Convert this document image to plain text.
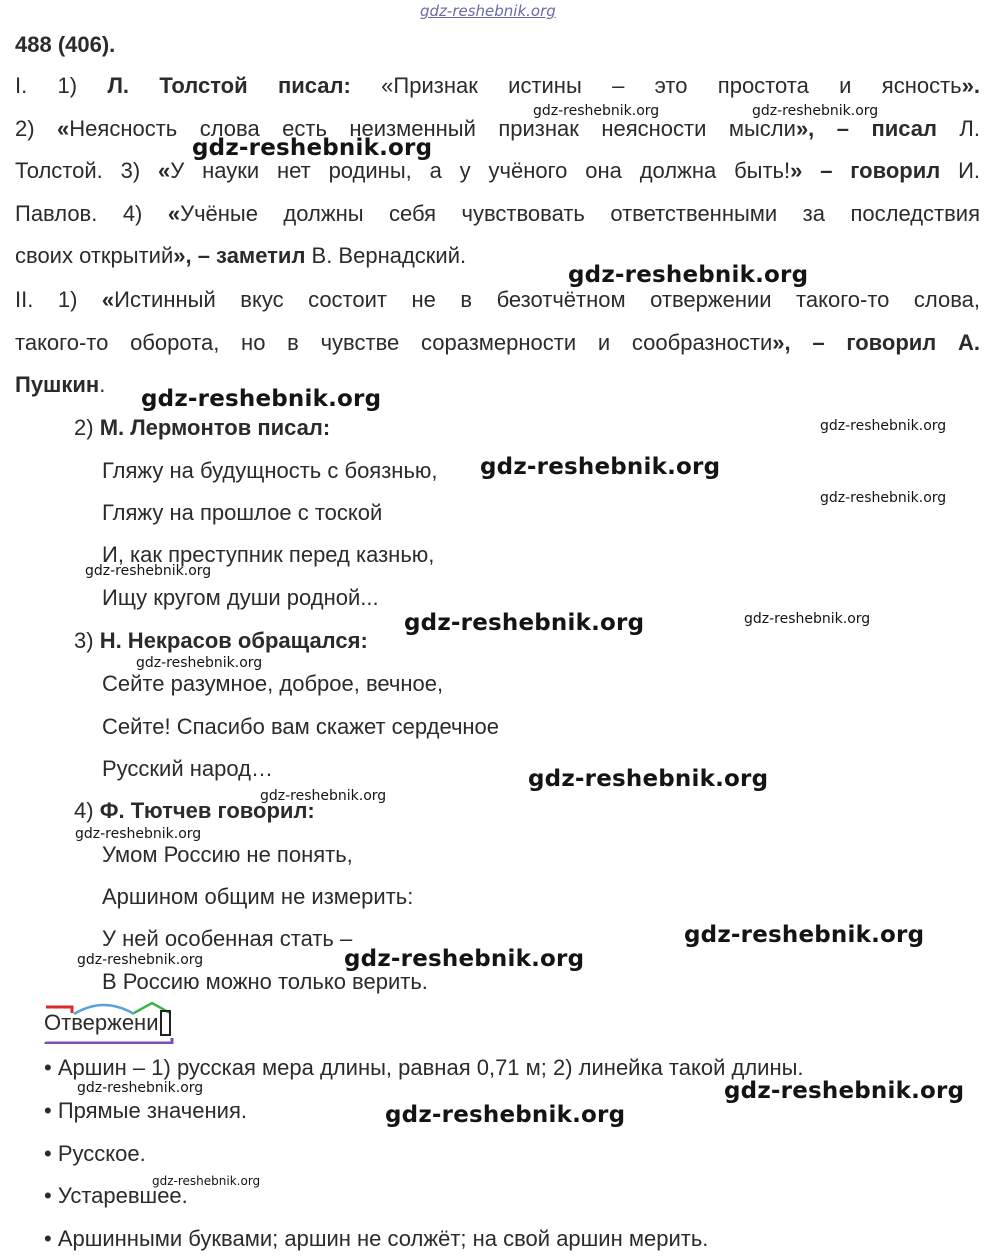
gdz-reshebnik.org
488 (406).
I. 1) Л. Толстой писал: «Признак истины – это простота и ясность».
2) «Неясность слова есть неизменный признак неясности мысли», – писал Л.
Толстой. 3) «У науки нет родины, а у учёного она должна быть!» – говорил И.
Павлов. 4) «Учёные должны себя чувствовать ответственными за последствия
своих открытий», – заметил В. Вернадский.
II. 1) «Истинный вкус состоит не в безотчётном отвержении такого-то слова,
такого-то оборота, но в чувстве соразмерности и сообразности», – говорил А.
Пушкин.
2) М. Лермонтов писал:
Гляжу на будущность с боязнью,
Гляжу на прошлое с тоской
И, как преступник перед казнью,
Ищу кругом души родной...
3) Н. Некрасов обращался:
Сейте разумное, доброе, вечное,
Сейте! Спасибо вам скажет сердечное
Русский народ…
4) Ф. Тютчев говорил:
Умом Россию не понять,
Аршином общим не измерить:
У ней особенная стать –
В Россию можно только верить.
Отвержени
• Аршин – 1) русская мера длины, равная 0,71 м; 2) линейка такой длины.
• Прямые значения.
• Русское.
• Устаревшее.
• Аршинными буквами; аршин не солжёт; на свой аршин мерить.
gdz-reshebnik.org	gdz-reshebnik.org
gdz-reshebnik.org
gdz-reshebnik.org
gdz-reshebnik.org
gdz-reshebnik.org
gdz-reshebnik.org
gdz-reshebnik.org
gdz-reshebnik.org
gdz-reshebnik.org	gdz-reshebnik.org
gdz-reshebnik.org
gdz-reshebnik.org
gdz-reshebnik.org
gdz-reshebnik.org
gdz-reshebnik.org
gdz-reshebnik.org	gdz-reshebnik.org
gdz-reshebnik.org	gdz-reshebnik.org
gdz-reshebnik.org
gdz-reshebnik.org
